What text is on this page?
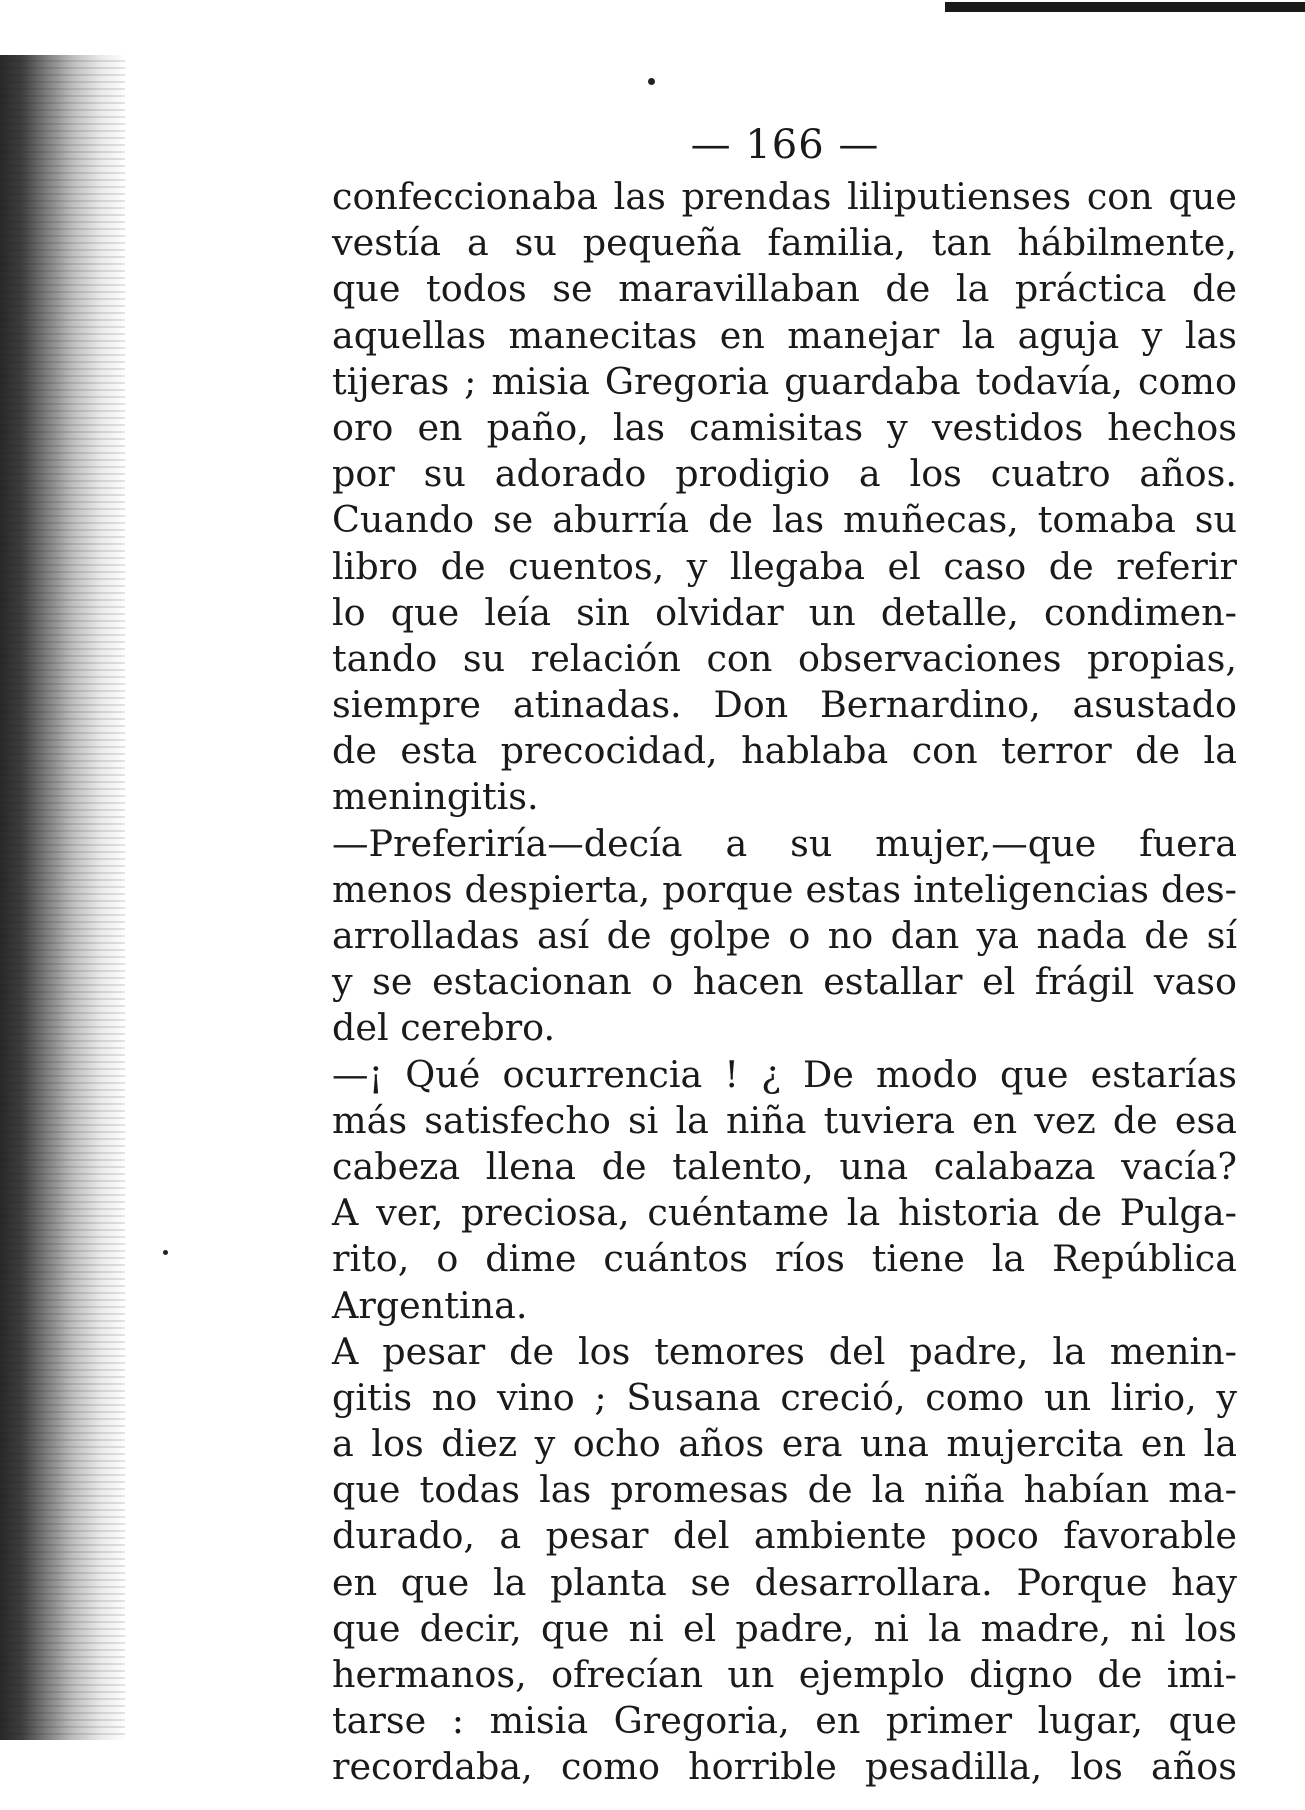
— 166 —
confeccionaba las prendas liliputienses con que
vestía a su pequeña familia, tan hábilmente,
que todos se maravillaban de la práctica de
aquellas manecitas en manejar la aguja y las
tijeras ; misia Gregoria guardaba todavía, como
oro en paño, las camisitas y vestidos hechos
por su adorado prodigio a los cuatro años.
Cuando se aburría de las muñecas, tomaba su
libro de cuentos, y llegaba el caso de referir
lo que leía sin olvidar un detalle, condimen-
tando su relación con observaciones propias,
siempre atinadas. Don Bernardino, asustado
de esta precocidad, hablaba con terror de la
meningitis.
—Preferiría—decía a su mujer,—que fuera
menos despierta, porque estas inteligencias des-
arrolladas así de golpe o no dan ya nada de sí
y se estacionan o hacen estallar el frágil vaso
del cerebro.
—¡ Qué ocurrencia ! ¿ De modo que estarías
más satisfecho si la niña tuviera en vez de esa
cabeza llena de talento, una calabaza vacía?
A ver, preciosa, cuéntame la historia de Pulga-
rito, o dime cuántos ríos tiene la República
Argentina.
A pesar de los temores del padre, la menin-
gitis no vino ; Susana creció, como un lirio, y
a los diez y ocho años era una mujercita en la
que todas las promesas de la niña habían ma-
durado, a pesar del ambiente poco favorable
en que la planta se desarrollara. Porque hay
que decir, que ni el padre, ni la madre, ni los
hermanos, ofrecían un ejemplo digno de imi-
tarse : misia Gregoria, en primer lugar, que
recordaba, como horrible pesadilla, los años
